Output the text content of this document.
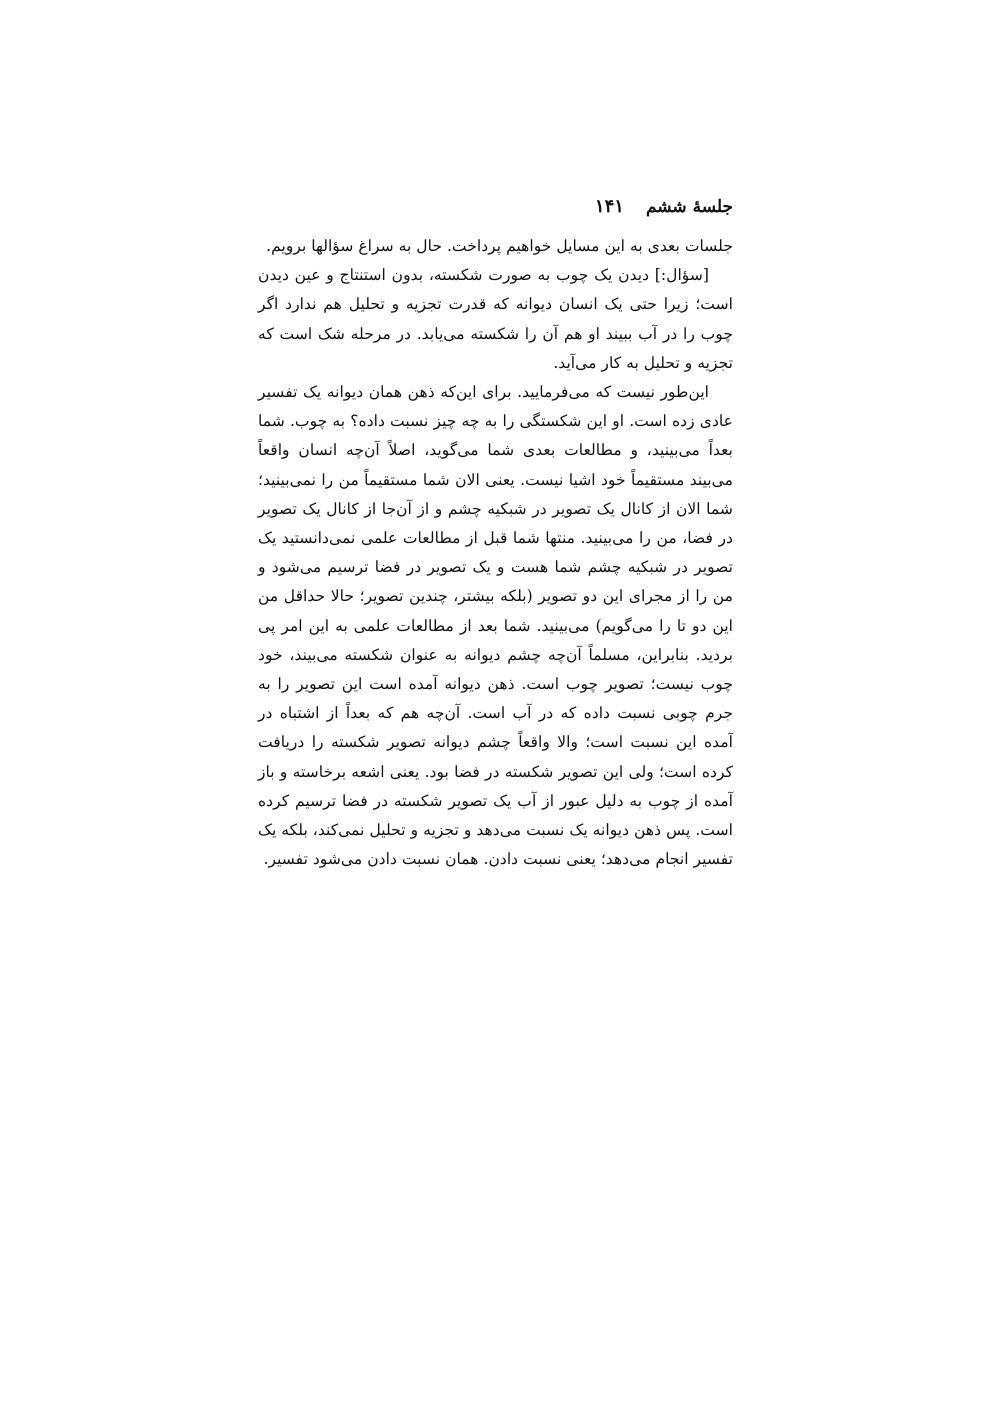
جلسهٔ ششم
۱۴۱

جلسات بعدی به این مسایل خواهیم پرداخت. حال به سراغ سؤالها برویم.

[سؤال:] دیدن یک چوب به صورت شکسته، بدون استنتاج و عین دیدن است؛ زیرا حتی یک انسان دیوانه که قدرت تجزیه و تحلیل هم ندارد اگر چوب را در آب ببیند او هم آن را شکسته می‌یابد. در مرحله شک است که تجزیه و تحلیل به کار می‌آید.

این‌طور نیست که می‌فرمایید. برای این‌که ذهن همان دیوانه یک تفسیر عادی زده است. او این شکستگی را به چه چیز نسبت داده؟ به چوب. شما بعداً می‌بینید، و مطالعات بعدی شما می‌گوید، اصلاً آن‌چه انسان واقعاً می‌بیند مستقیماً خود اشیا نیست. یعنی الان شما مستقیماً من را نمی‌بینید؛ شما الان از کانال یک تصویر در شبکیه چشم و از آن‌جا از کانال یک تصویر در فضا، من را می‌بینید. منتها شما قبل از مطالعات علمی نمی‌دانستید یک تصویر در شبکیه چشم شما هست و یک تصویر در فضا ترسیم می‌شود و من را از مجرای این دو تصویر (بلکه بیشتر، چندین تصویر؛ حالا حداقل من این دو تا را می‌گویم) می‌بینید. شما بعد از مطالعات علمی به این امر پی بردید. بنابراین، مسلماً آن‌چه چشم دیوانه به عنوان شکسته می‌بیند، خود چوب نیست؛ تصویر چوب است. ذهن دیوانه آمده است این تصویر را به جرم چوبی نسبت داده که در آب است. آن‌چه هم که بعداً از اشتباه در آمده این نسبت است؛ والا واقعاً چشم دیوانه تصویر شکسته را دریافت کرده است؛ ولی این تصویر شکسته در فضا بود. یعنی اشعه برخاسته و باز آمده از چوب به دلیل عبور از آب یک تصویر شکسته در فضا ترسیم کرده است. پس ذهن دیوانه یک نسبت می‌دهد و تجزیه و تحلیل نمی‌کند، بلکه یک تفسیر انجام می‌دهد؛ یعنی نسبت دادن. همان نسبت دادن می‌شود تفسیر.
